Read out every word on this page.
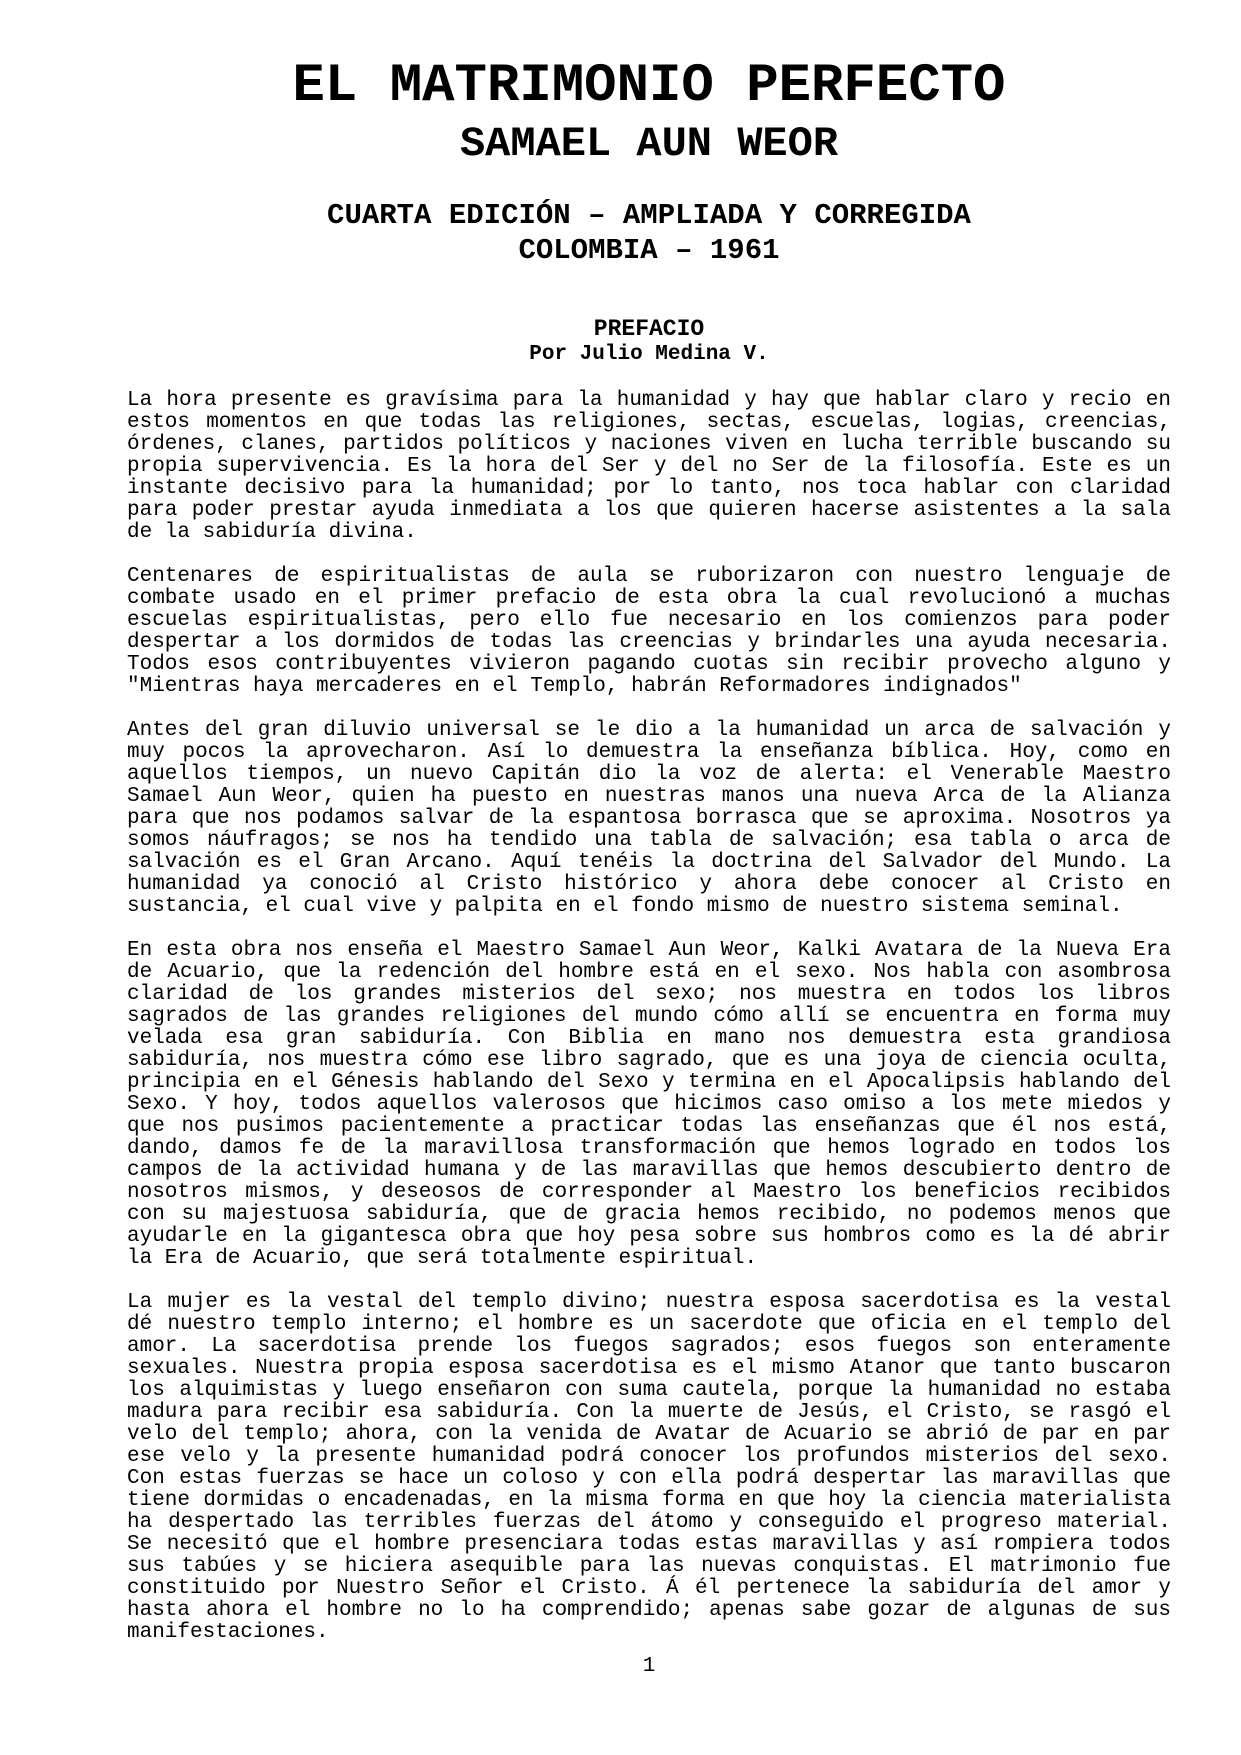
EL MATRIMONIO PERFECTO
SAMAEL AUN WEOR
CUARTA EDICIÓN – AMPLIADA Y CORREGIDA
COLOMBIA – 1961
PREFACIO
Por Julio Medina V.
La hora presente es gravísima para la humanidad y hay que hablar claro y recio en
estos momentos en que todas las religiones, sectas, escuelas, logias, creencias,
órdenes, clanes, partidos políticos y naciones viven en lucha terrible buscando su
propia supervivencia. Es la hora del Ser y del no Ser de la filosofía. Este es un
instante decisivo para la humanidad; por lo tanto, nos toca hablar con claridad
para poder prestar ayuda inmediata a los que quieren hacerse asistentes a la sala
de la sabiduría divina.
Centenares de espiritualistas de aula se ruborizaron con nuestro lenguaje de
combate usado en el primer prefacio de esta obra la cual revolucionó a muchas
escuelas espiritualistas, pero ello fue necesario en los comienzos para poder
despertar a los dormidos de todas las creencias y brindarles una ayuda necesaria.
Todos esos contribuyentes vivieron pagando cuotas sin recibir provecho alguno y
"Mientras haya mercaderes en el Templo, habrán Reformadores indignados"
Antes del gran diluvio universal se le dio a la humanidad un arca de salvación y
muy pocos la aprovecharon. Así lo demuestra la enseñanza bíblica. Hoy, como en
aquellos tiempos, un nuevo Capitán dio la voz de alerta: el Venerable Maestro
Samael Aun Weor, quien ha puesto en nuestras manos una nueva Arca de la Alianza
para que nos podamos salvar de la espantosa borrasca que se aproxima. Nosotros ya
somos náufragos; se nos ha tendido una tabla de salvación; esa tabla o arca de
salvación es el Gran Arcano. Aquí tenéis la doctrina del Salvador del Mundo. La
humanidad ya conoció al Cristo histórico y ahora debe conocer al Cristo en
sustancia, el cual vive y palpita en el fondo mismo de nuestro sistema seminal.
En esta obra nos enseña el Maestro Samael Aun Weor, Kalki Avatara de la Nueva Era
de Acuario, que la redención del hombre está en el sexo. Nos habla con asombrosa
claridad de los grandes misterios del sexo; nos muestra en todos los libros
sagrados de las grandes religiones del mundo cómo allí se encuentra en forma muy
velada esa gran sabiduría. Con Biblia en mano nos demuestra esta grandiosa
sabiduría, nos muestra cómo ese libro sagrado, que es una joya de ciencia oculta,
principia en el Génesis hablando del Sexo y termina en el Apocalipsis hablando del
Sexo. Y hoy, todos aquellos valerosos que hicimos caso omiso a los mete miedos y
que nos pusimos pacientemente a practicar todas las enseñanzas que él nos está,
dando, damos fe de la maravillosa transformación que hemos logrado en todos los
campos de la actividad humana y de las maravillas que hemos descubierto dentro de
nosotros mismos, y deseosos de corresponder al Maestro los beneficios recibidos
con su majestuosa sabiduría, que de gracia hemos recibido, no podemos menos que
ayudarle en la gigantesca obra que hoy pesa sobre sus hombros como es la dé abrir
la Era de Acuario, que será totalmente espiritual.
La mujer es la vestal del templo divino; nuestra esposa sacerdotisa es la vestal
dé nuestro templo interno; el hombre es un sacerdote que oficia en el templo del
amor. La sacerdotisa prende los fuegos sagrados; esos fuegos son enteramente
sexuales. Nuestra propia esposa sacerdotisa es el mismo Atanor que tanto buscaron
los alquimistas y luego enseñaron con suma cautela, porque la humanidad no estaba
madura para recibir esa sabiduría. Con la muerte de Jesús, el Cristo, se rasgó el
velo del templo; ahora, con la venida de Avatar de Acuario se abrió de par en par
ese velo y la presente humanidad podrá conocer los profundos misterios del sexo.
Con estas fuerzas se hace un coloso y con ella podrá despertar las maravillas que
tiene dormidas o encadenadas, en la misma forma en que hoy la ciencia materialista
ha despertado las terribles fuerzas del átomo y conseguido el progreso material.
Se necesitó que el hombre presenciara todas estas maravillas y así rompiera todos
sus tabúes y se hiciera asequible para las nuevas conquistas. El matrimonio fue
constituido por Nuestro Señor el Cristo. Á él pertenece la sabiduría del amor y
hasta ahora el hombre no lo ha comprendido; apenas sabe gozar de algunas de sus
manifestaciones.
1
